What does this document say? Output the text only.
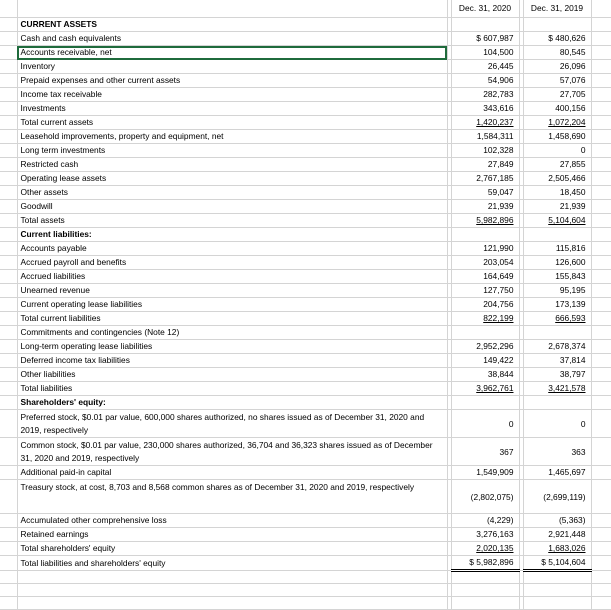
			Dec. 31, 2020		Dec. 31, 2019	
	CURRENT ASSETS					
	Cash and cash equivalents		$ 607,987		$ 480,626	
	Accounts receivable, net		104,500		80,545	
	Inventory		26,445		26,096	
	Prepaid expenses and other current assets		54,906		57,076	
	Income tax receivable		282,783		27,705	
	Investments		343,616		400,156	
	Total current assets		1,420,237		1,072,204	
	Leasehold improvements, property and equipment, net		1,584,311		1,458,690	
	Long term investments		102,328		0	
	Restricted cash		27,849		27,855	
	Operating lease assets		2,767,185		2,505,466	
	Other assets		59,047		18,450	
	Goodwill		21,939		21,939	
	Total assets		5,982,896		5,104,604	
	Current liabilities:					
	Accounts payable		121,990		115,816	
	Accrued payroll and benefits		203,054		126,600	
	Accrued liabilities		164,649		155,843	
	Unearned revenue		127,750		95,195	
	Current operating lease liabilities		204,756		173,139	
	Total current liabilities		822,199		666,593	
	Commitments and contingencies (Note 12)					
	Long-term operating lease liabilities		2,952,296		2,678,374	
	Deferred income tax liabilities		149,422		37,814	
	Other liabilities		38,844		38,797	
	Total liabilities		3,962,761		3,421,578	
	Shareholders' equity:					
	Preferred stock, $0.01 par value, 600,000 shares authorized, no shares issued as of December 31, 2020 and 2019, respectively		0		0	
	Common stock, $0.01 par value, 230,000 shares authorized, 36,704 and 36,323 shares issued as of December 31, 2020 and 2019, respectively		367		363	
	Additional paid-in capital		1,549,909		1,465,697	
	Treasury stock, at cost, 8,703 and 8,568 common shares as of December 31, 2020 and 2019, respectively		(2,802,075)		(2,699,119)	
	Accumulated other comprehensive loss		(4,229)		(5,363)	
	Retained earnings		3,276,163		2,921,448	
	Total shareholders' equity		2,020,135		1,683,026	
	Total liabilities and shareholders' equity		$ 5,982,896		$ 5,104,604	
